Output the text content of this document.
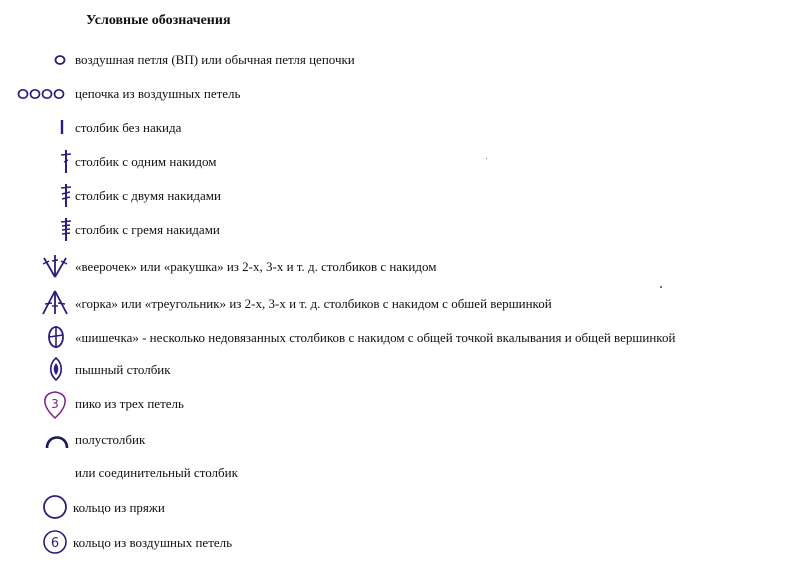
Условные обозначения
воздушная петля (ВП) или обычная петля цепочки
цепочка из воздушных петель
столбик без накида
столбик с одним накидом
столбик с двумя накидами
столбик с гремя накидами
«веерочек» или «ракушка» из 2-х, 3-х и т. д. столбиков с накидом
«горка» или «треугольник» из 2-х, 3-х и т. д. столбиков с накидом с обшей вершинкой
«шишечка» - несколько недовязанных столбиков с накидом с общей точкой вкалывания и общей вершинкой
пышный столбик
3 пико из трех петель
полустолбик
или соединительный столбик
кольцо из пряжи
6 кольцо из воздушных петель
